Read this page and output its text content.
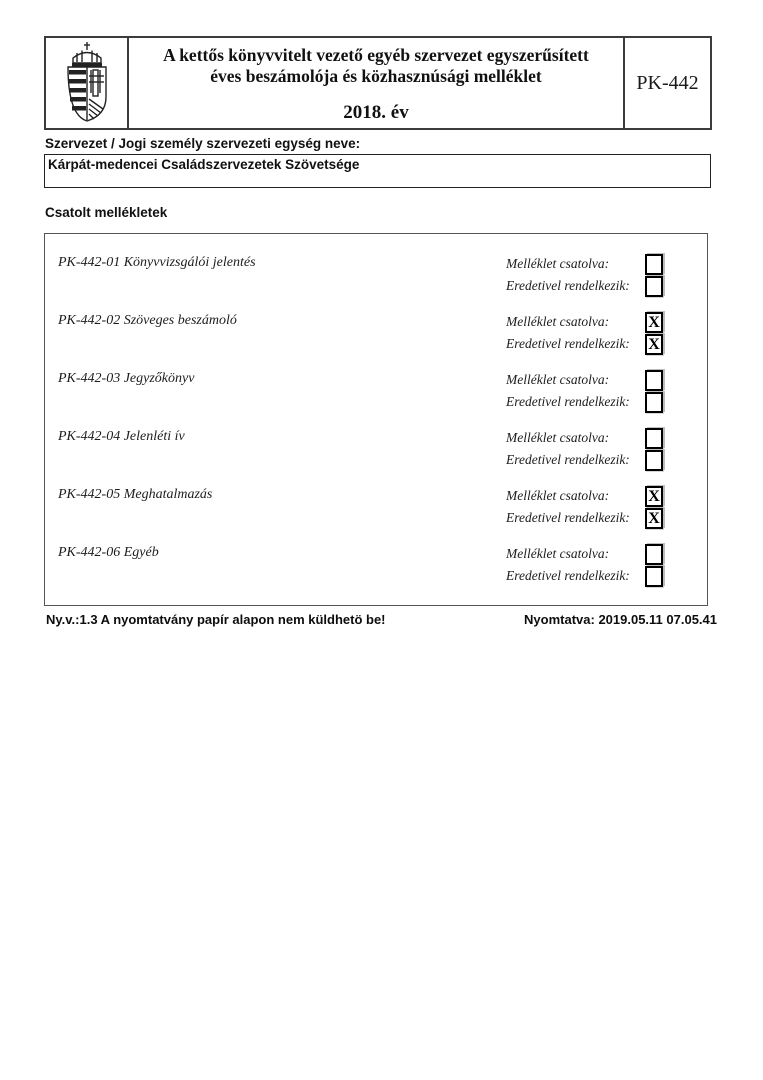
A kettős könyvvitelt vezető egyéb szervezet egyszerűsített
éves beszámolója és közhasznúsági melléklet
2018. év
PK-442
Szervezet / Jogi személy szervezeti egység neve:
Kárpát-medencei Családszervezetek Szövetsége
Csatolt mellékletek
PK-442-01 Könyvvizsgálói jelentés	Melléklet csatolva:
Eredetivel rendelkezik:
PK-442-02 Szöveges beszámoló	Melléklet csatolva: X
Eredetivel rendelkezik: X
PK-442-03 Jegyzőkönyv	Melléklet csatolva:
Eredetivel rendelkezik:
PK-442-04 Jelenléti ív	Melléklet csatolva:
Eredetivel rendelkezik:
PK-442-05 Meghatalmazás	Melléklet csatolva: X
Eredetivel rendelkezik: X
PK-442-06 Egyéb	Melléklet csatolva:
Eredetivel rendelkezik:
Ny.v.:1.3 A nyomtatvány papír alapon nem küldhetö be!	Nyomtatva: 2019.05.11 07.05.41
